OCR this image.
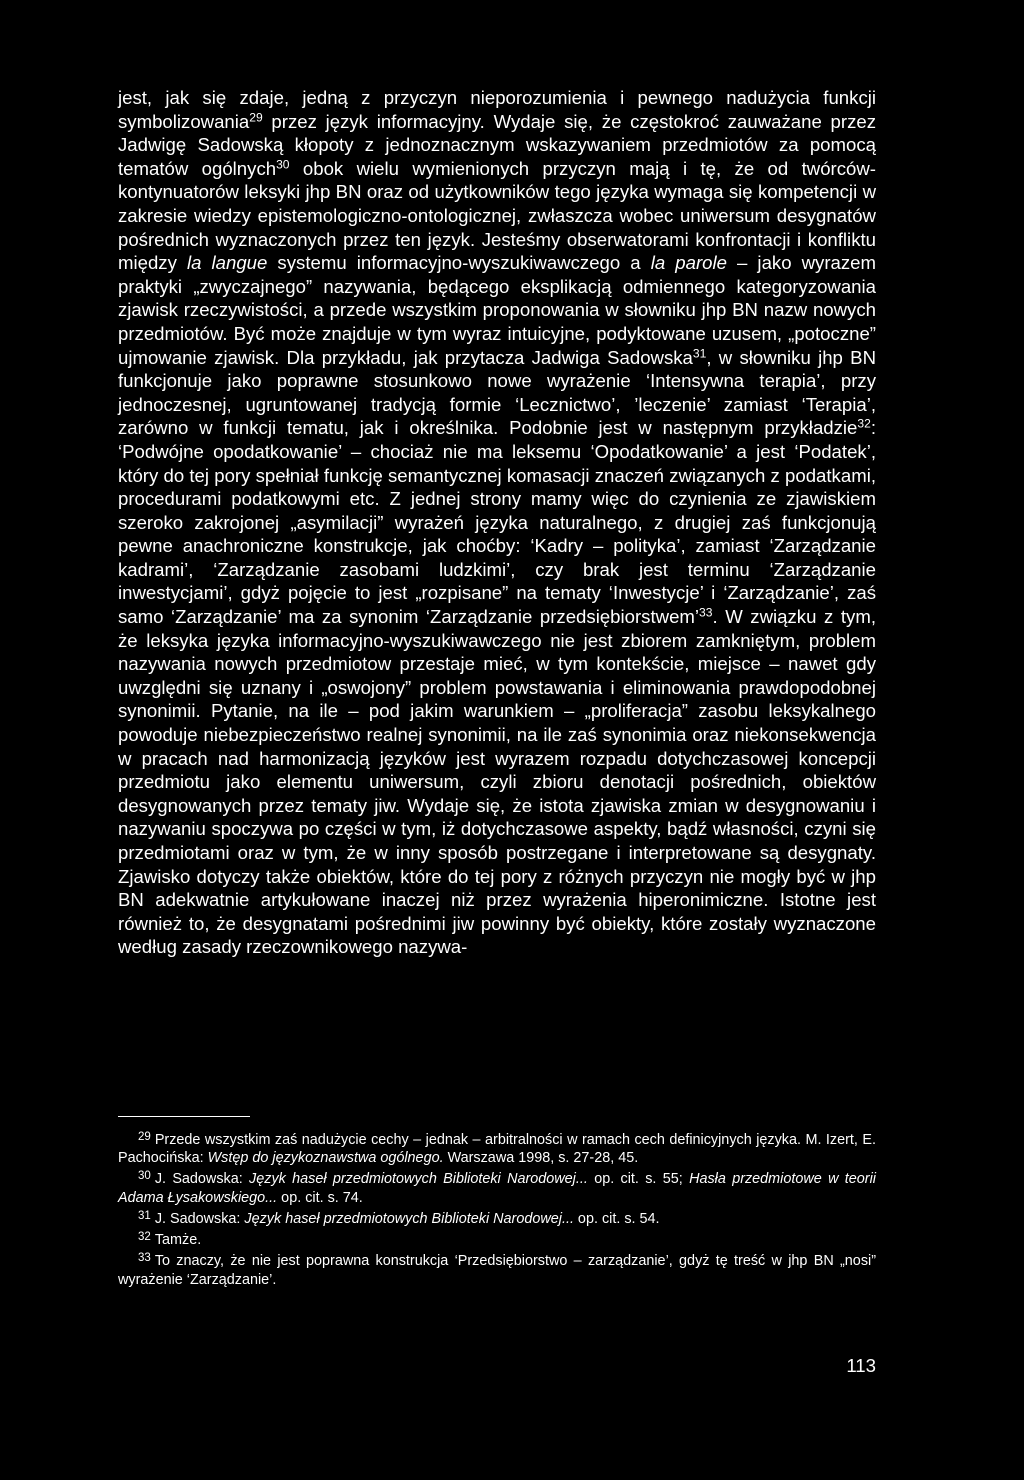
jest, jak się zdaje, jedną z przyczyn nieporozumienia i pewnego nadużycia funkcji symbolizowania$^{29}$ przez język informacyjny. Wydaje się, że częstokroć zauważane przez Jadwigę Sadowską kłopoty z jednoznacznym wskazywaniem przedmiotów za pomocą tematów ogólnych$^{30}$ obok wielu wymienionych przyczyn mają i tę, że od twórców-kontynuatorów leksyki jhp BN oraz od użytkowników tego języka wymaga się kompetencji w zakresie wiedzy epistemologiczno-ontologicznej, zwłaszcza wobec uniwersum desygnatów pośrednich wyznaczonych przez ten język. Jesteśmy obserwatorami konfrontacji i konfliktu między la langue systemu informacyjno-wyszukiwawczego a la parole – jako wyrazem praktyki „zwyczajnego” nazywania, będącego eksplikacją odmiennego kategoryzowania zjawisk rzeczywistości, a przede wszystkim proponowania w słowniku jhp BN nazw nowych przedmiotów. Być może znajduje w tym wyraz intuicyjne, podyktowane uzusem, „potoczne” ujmowanie zjawisk. Dla przykładu, jak przytacza Jadwiga Sadowska$^{31}$, w słowniku jhp BN funkcjonuje jako poprawne stosunkowo nowe wyrażenie ‘Intensywna terapia’, przy jednoczesnej, ugruntowanej tradycją formie ‘Lecznictwo’, ’leczenie’ zamiast ‘Terapia’, zarówno w funkcji tematu, jak i określnika. Podobnie jest w następnym przykładzie$^{32}$: ‘Podwójne opodatkowanie’ – chociaż nie ma leksemu ‘Opodatkowanie’ a jest ‘Podatek’, który do tej pory spełniał funkcję semantycznej komasacji znaczeń związanych z podatkami, procedurami podatkowymi etc. Z jednej strony mamy więc do czynienia ze zjawiskiem szeroko zakrojonej „asymilacji” wyrażeń języka naturalnego, z drugiej zaś funkcjonują pewne anachroniczne konstrukcje, jak choćby: ‘Kadry – polityka’, zamiast ‘Zarządzanie kadrami’, ‘Zarządzanie zasobami ludzkimi’, czy brak jest terminu ‘Zarządzanie inwestycjami’, gdyż pojęcie to jest „rozpisane” na tematy ‘Inwestycje’ i ‘Zarządzanie’, zaś samo ‘Zarządzanie’ ma za synonim ‘Zarządzanie przedsiębiorstwem’$^{33}$. W związku z tym, że leksyka języka informacyjno-wyszukiwawczego nie jest zbiorem zamkniętym, problem nazywania nowych przedmiotow przestaje mieć, w tym kontekście, miejsce – nawet gdy uwzględni się uznany i „oswojony” problem powstawania i eliminowania prawdopodobnej synonimii. Pytanie, na ile – pod jakim warunkiem – „proliferacja” zasobu leksykalnego powoduje niebezpieczeństwo realnej synonimii, na ile zaś synonimia oraz niekonsekwencja w pracach nad harmonizacją języków jest wyrazem rozpadu dotychczasowej koncepcji przedmiotu jako elementu uniwersum, czyli zbioru denotacji pośrednich, obiektów desygnowanych przez tematy jiw. Wydaje się, że istota zjawiska zmian w desygnowaniu i nazywaniu spoczywa po części w tym, iż dotychczasowe aspekty, bądź własności, czyni się przedmiotami oraz w tym, że w inny sposób postrzegane i interpretowane są desygnaty. Zjawisko dotyczy także obiektów, które do tej pory z różnych przyczyn nie mogły być w jhp BN adekwatnie artykułowane inaczej niż przez wyrażenia hiperonimiczne. Istotne jest również to, że desygnatami pośrednimi jiw powinny być obiekty, które zostały wyznaczone według zasady rzeczownikowego nazywa-

$^{29}$ Przede wszystkim zaś nadużycie cechy – jednak – arbitralności w ramach cech definicyjnych języka. M. Izert, E. Pachocińska: Wstęp do językoznawstwa ogólnego. Warszawa 1998, s. 27-28, 45.

$^{30}$ J. Sadowska: Język haseł przedmiotowych Biblioteki Narodowej... op. cit. s. 55; Hasła przedmiotowe w teorii Adama Łysakowskiego... op. cit. s. 74.

$^{31}$ J. Sadowska: Język haseł przedmiotowych Biblioteki Narodowej... op. cit. s. 54.

$^{32}$ Tamże.

$^{33}$ To znaczy, że nie jest poprawna konstrukcja ‘Przedsiębiorstwo – zarządzanie’, gdyż tę treść w jhp BN „nosi” wyrażenie ‘Zarządzanie’.

113
